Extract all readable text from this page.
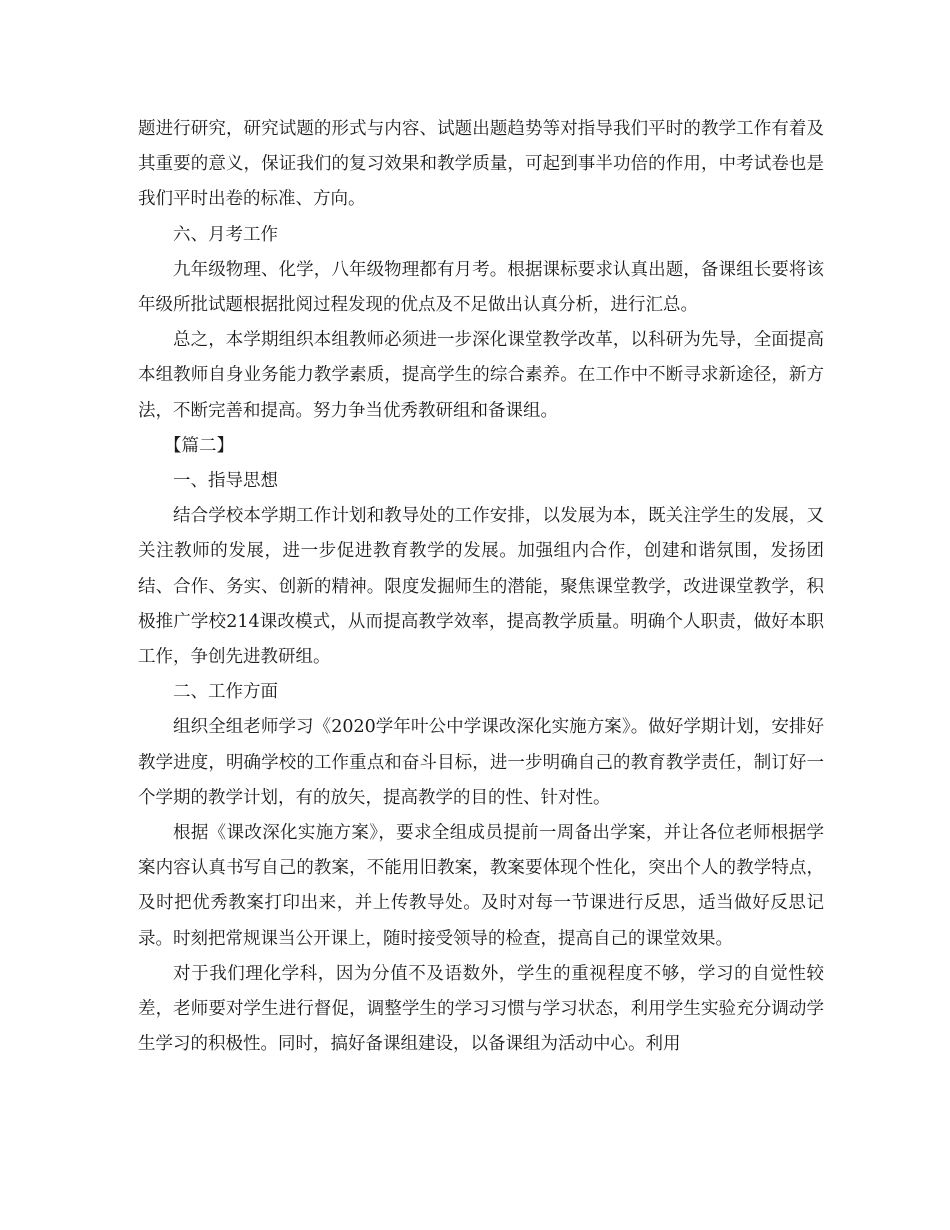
题进行研究，研究试题的形式与内容、试题出题趋势等对指导我们平时的教学工作有着及其重要的意义，保证我们的复习效果和教学质量，可起到事半功倍的作用，中考试卷也是我们平时出卷的标准、方向。

六、月考工作

九年级物理、化学，八年级物理都有月考。根据课标要求认真出题，备课组长要将该年级所批试题根据批阅过程发现的优点及不足做出认真分析，进行汇总。

总之，本学期组织本组教师必须进一步深化课堂教学改革，以科研为先导，全面提高本组教师自身业务能力教学素质，提高学生的综合素养。在工作中不断寻求新途径，新方法，不断完善和提高。努力争当优秀教研组和备课组。

【篇二】

一、指导思想

结合学校本学期工作计划和教导处的工作安排，以发展为本，既关注学生的发展，又关注教师的发展，进一步促进教育教学的发展。加强组内合作，创建和谐氛围，发扬团结、合作、务实、创新的精神。限度发掘师生的潜能，聚焦课堂教学，改进课堂教学，积极推广学校214课改模式，从而提高教学效率，提高教学质量。明确个人职责，做好本职工作，争创先进教研组。

二、工作方面

组织全组老师学习《2020学年叶公中学课改深化实施方案》。做好学期计划，安排好教学进度，明确学校的工作重点和奋斗目标，进一步明确自己的教育教学责任，制订好一个学期的教学计划，有的放矢，提高教学的目的性、针对性。

根据《课改深化实施方案》，要求全组成员提前一周备出学案，并让各位老师根据学案内容认真书写自己的教案，不能用旧教案，教案要体现个性化，突出个人的教学特点，及时把优秀教案打印出来，并上传教导处。及时对每一节课进行反思，适当做好反思记录。时刻把常规课当公开课上，随时接受领导的检查，提高自己的课堂效果。

对于我们理化学科，因为分值不及语数外，学生的重视程度不够，学习的自觉性较差，老师要对学生进行督促，调整学生的学习习惯与学习状态，利用学生实验充分调动学生学习的积极性。同时，搞好备课组建设，以备课组为活动中心。利用
